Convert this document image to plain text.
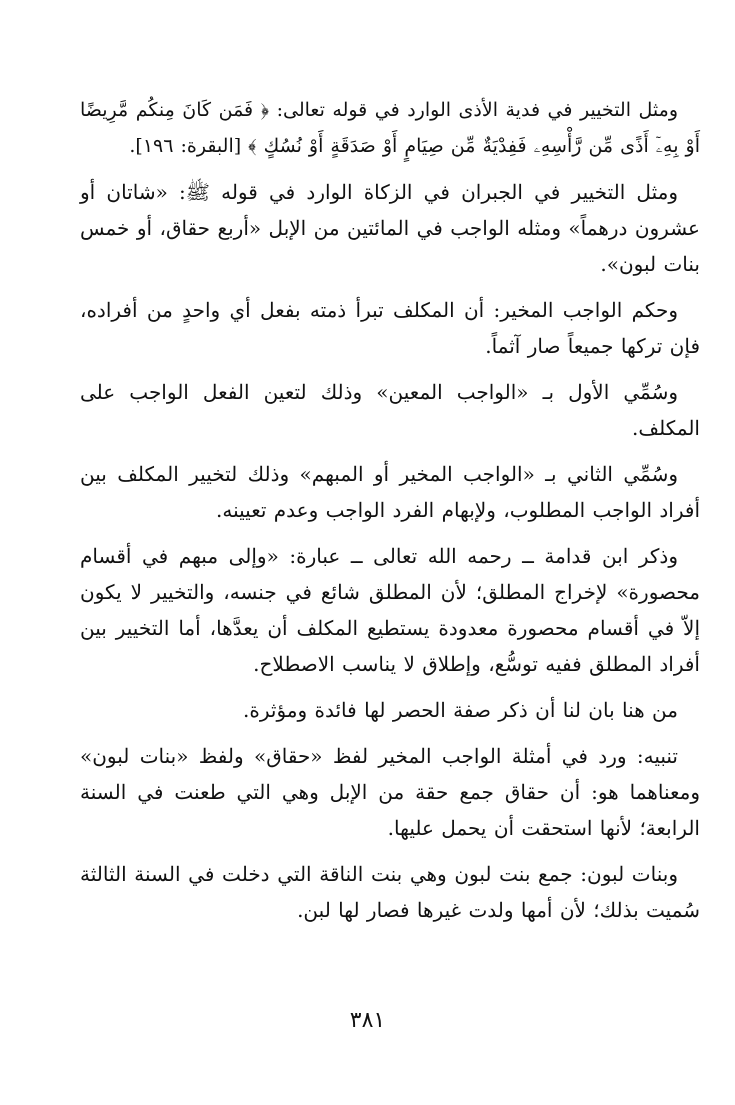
ومثل التخيير في فدية الأذى الوارد في قوله تعالى: ﴿ فَمَن كَانَ مِنكُم مَّرِيضًا أَوْ بِهِۦٓ أَذًى مِّن رَّأْسِهِۦ فَفِدْيَةٌ مِّن صِيَامٍ أَوْ صَدَقَةٍ أَوْ نُسُكٍ ﴾ [البقرة: ١٩٦].

ومثل التخيير في الجبران في الزكاة الوارد في قوله ﷺ: «شاتان أو عشرون درهماً» ومثله الواجب في المائتين من الإبل «أربع حقاق، أو خمس بنات لبون».

وحكم الواجب المخير: أن المكلف تبرأ ذمته بفعل أي واحدٍ من أفراده، فإن تركها جميعاً صار آثماً.

وسُمِّي الأول بـ «الواجب المعين» وذلك لتعين الفعل الواجب على المكلف.

وسُمِّي الثاني بـ «الواجب المخير أو المبهم» وذلك لتخيير المكلف بين أفراد الواجب المطلوب، ولإبهام الفرد الواجب وعدم تعيينه.

وذكر ابن قدامة ــ رحمه الله تعالى ــ عبارة: «وإلى مبهم في أقسام محصورة» لإخراج المطلق؛ لأن المطلق شائع في جنسه، والتخيير لا يكون إلاّ في أقسام محصورة معدودة يستطيع المكلف أن يعدَّها، أما التخيير بين أفراد المطلق ففيه توسُّع، وإطلاق لا يناسب الاصطلاح.

من هنا بان لنا أن ذكر صفة الحصر لها فائدة ومؤثرة.

تنبيه: ورد في أمثلة الواجب المخير لفظ «حقاق» ولفظ «بنات لبون» ومعناهما هو: أن حقاق جمع حقة من الإبل وهي التي طعنت في السنة الرابعة؛ لأنها استحقت أن يحمل عليها.

وبنات لبون: جمع بنت لبون وهي بنت الناقة التي دخلت في السنة الثالثة سُميت بذلك؛ لأن أمها ولدت غيرها فصار لها لبن.

٣٨١
